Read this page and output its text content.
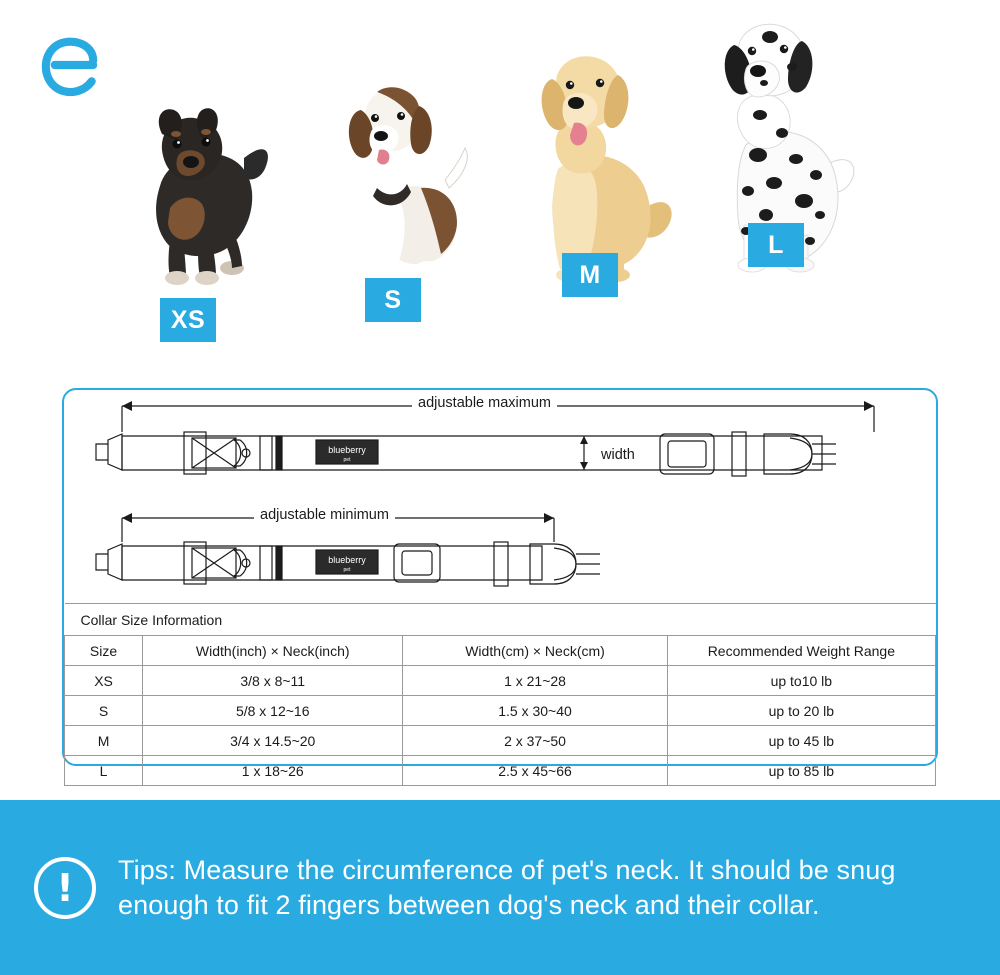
XS
S
M
L
blueberry
pet
blueberry
pet
adjustable maximum
adjustable minimum
width
Collar Size Information			
Size	Width(inch) × Neck(inch)	Width(cm) × Neck(cm)	Recommended Weight Range
XS	3/8 x 8~11	1 x 21~28	up to10 lb
S	5/8 x 12~16	1.5 x 30~40	up to 20 lb
M	3/4 x 14.5~20	2 x 37~50	up to 45 lb
L	1 x 18~26	2.5 x 45~66	up to 85 lb
!	Tips: Measure the circumference of pet's neck. It should be snug enough to fit 2 fingers between dog's neck and their collar.
